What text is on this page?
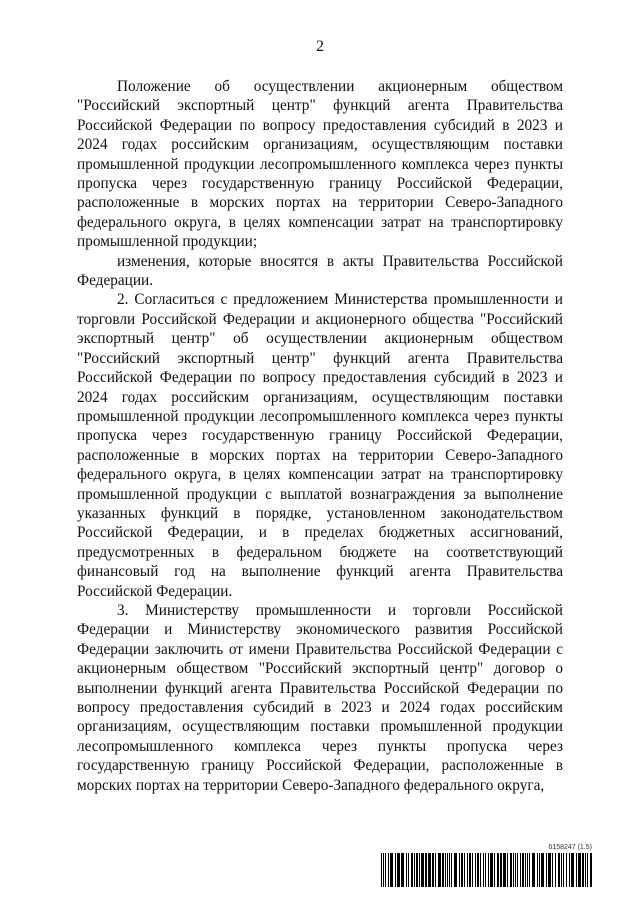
2

Положение об осуществлении акционерным обществом "Российский экспортный центр" функций агента Правительства Российской Федерации по вопросу предоставления субсидий в 2023 и 2024 годах российским организациям, осуществляющим поставки промышленной продукции лесопромышленного комплекса через пункты пропуска через государственную границу Российской Федерации, расположенные в морских портах на территории Северо-Западного федерального округа, в целях компенсации затрат на транспортировку промышленной продукции;

изменения, которые вносятся в акты Правительства Российской Федерации.

2. Согласиться с предложением Министерства промышленности и торговли Российской Федерации и акционерного общества "Российский экспортный центр" об осуществлении акционерным обществом "Российский экспортный центр" функций агента Правительства Российской Федерации по вопросу предоставления субсидий в 2023 и 2024 годах российским организациям, осуществляющим поставки промышленной продукции лесопромышленного комплекса через пункты пропуска через государственную границу Российской Федерации, расположенные в морских портах на территории Северо-Западного федерального округа, в целях компенсации затрат на транспортировку промышленной продукции с выплатой вознаграждения за выполнение указанных функций в порядке, установленном законодательством Российской Федерации, и в пределах бюджетных ассигнований, предусмотренных в федеральном бюджете на соответствующий финансовый год на выполнение функций агента Правительства Российской Федерации.

3. Министерству промышленности и торговли Российской Федерации и Министерству экономического развития Российской Федерации заключить от имени Правительства Российской Федерации с акционерным обществом "Российский экспортный центр" договор о выполнении функций агента Правительства Российской Федерации по вопросу предоставления субсидий в 2023 и 2024 годах российским организациям, осуществляющим поставки промышленной продукции лесопромышленного комплекса через пункты пропуска через государственную границу Российской Федерации, расположенные в морских портах на территории Северо-Западного федерального округа,

6158247 (1.5)
